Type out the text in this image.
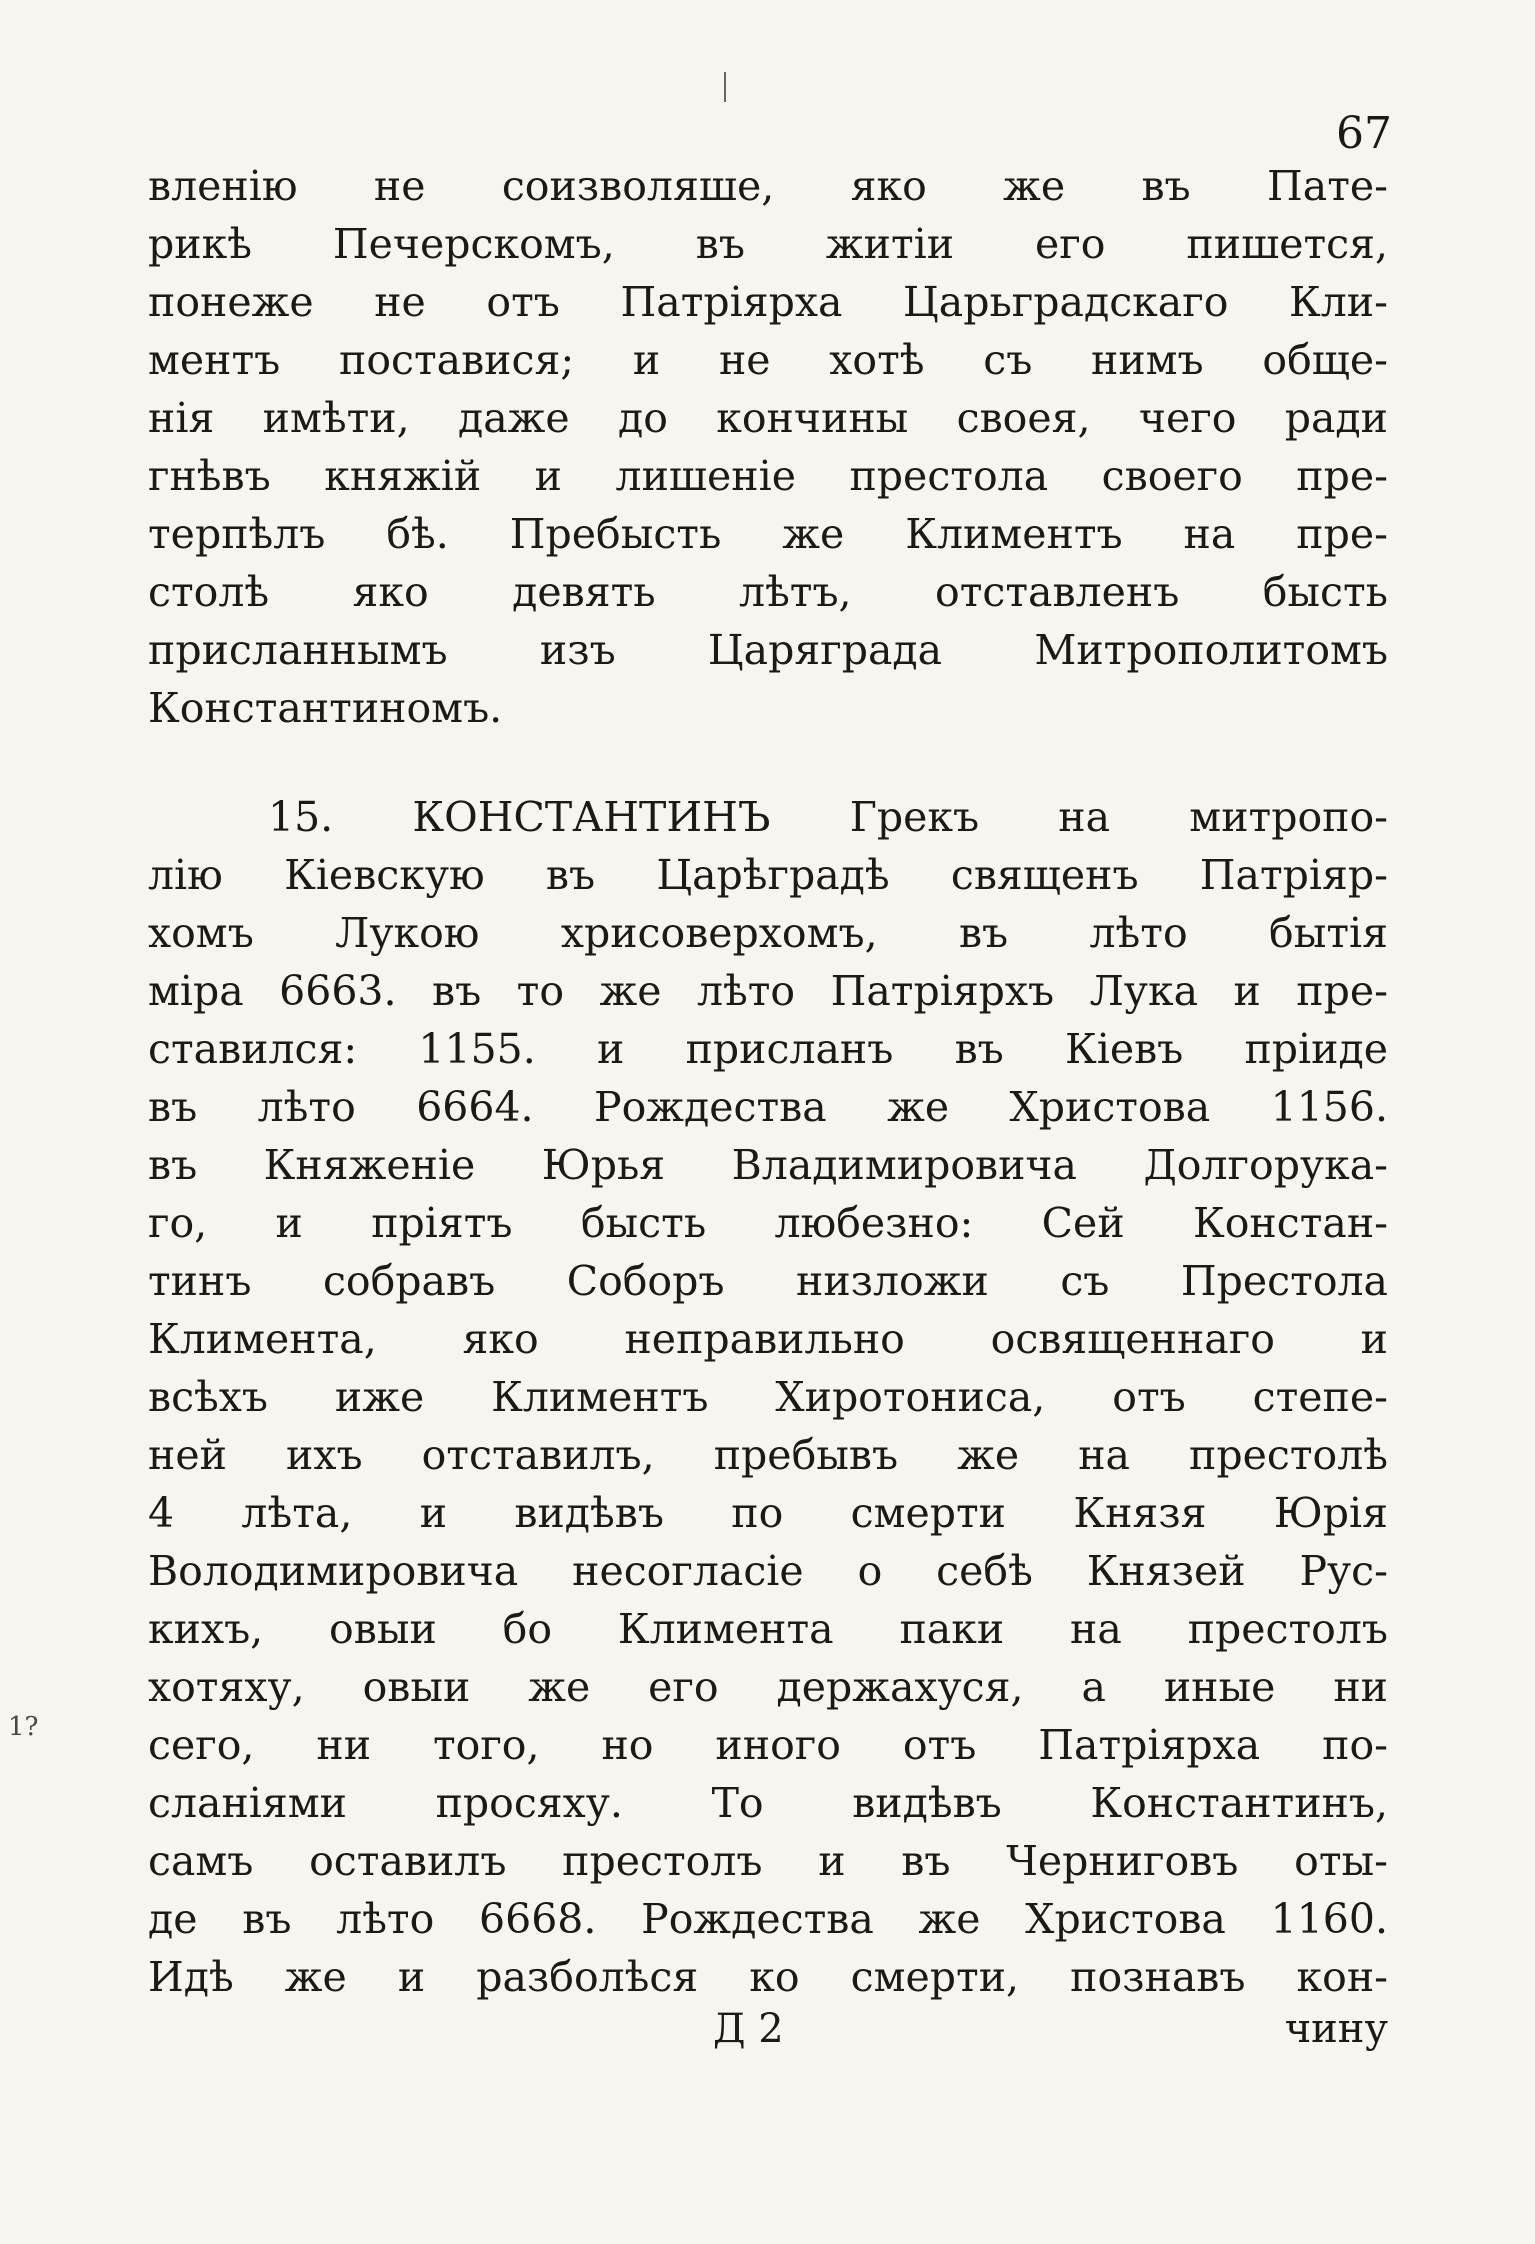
67
1?
вленiю не соизволяше, яко же въ Пате-
рикѣ Печерскомъ, въ житiи его пишется,
понеже не отъ Патрiярха Царьградскаго Кли-
ментъ поставися; и не хотѣ съ нимъ обще-
нiя имѣти, даже до кончины своея, чего ради
гнѣвъ княжiй и лишенiе престола своего пре-
терпѣлъ бѣ. Пребысть же Климентъ на пре-
столѣ яко девять лѣтъ, отставленъ бысть
присланнымъ изъ Царяграда Митрополитомъ
Константиномъ.
15. КОНСТАНТИНЪ Грекъ на митропо-
лiю Кiевскую въ Царѣградѣ священъ Патрiяр-
хомъ Лукою хрисоверхомъ, въ лѣто бытiя
мiра 6663. въ то же лѣто Патрiярхъ Лука и пре-
ставился: 1155. и присланъ въ Кiевъ прiиде
въ лѣто 6664. Рождества же Христова 1156.
въ Княженiе Юрья Владимировича Долгорука-
го, и прiятъ бысть любезно: Сей Констан-
тинъ собравъ Соборъ низложи съ Престола
Климента, яко неправильно освященнаго и
всѣхъ иже Климентъ Хиротониса, отъ степе-
ней ихъ отставилъ, пребывъ же на престолѣ
4 лѣта, и видѣвъ по смерти Князя Юрiя
Володимировича несогласiе о себѣ Князей Рус-
кихъ, овыи бо Климента паки на престолъ
хотяху, овыи же его держахуся, а иные ни
сего, ни того, но иного отъ Патрiярха по-
сланiями просяху. То видѣвъ Константинъ,
самъ оставилъ престолъ и въ Черниговъ оты-
де въ лѣто 6668. Рождества же Христова 1160.
Идѣ же и разболѣся ко смерти, познавъ кон-
Д 2	чину
